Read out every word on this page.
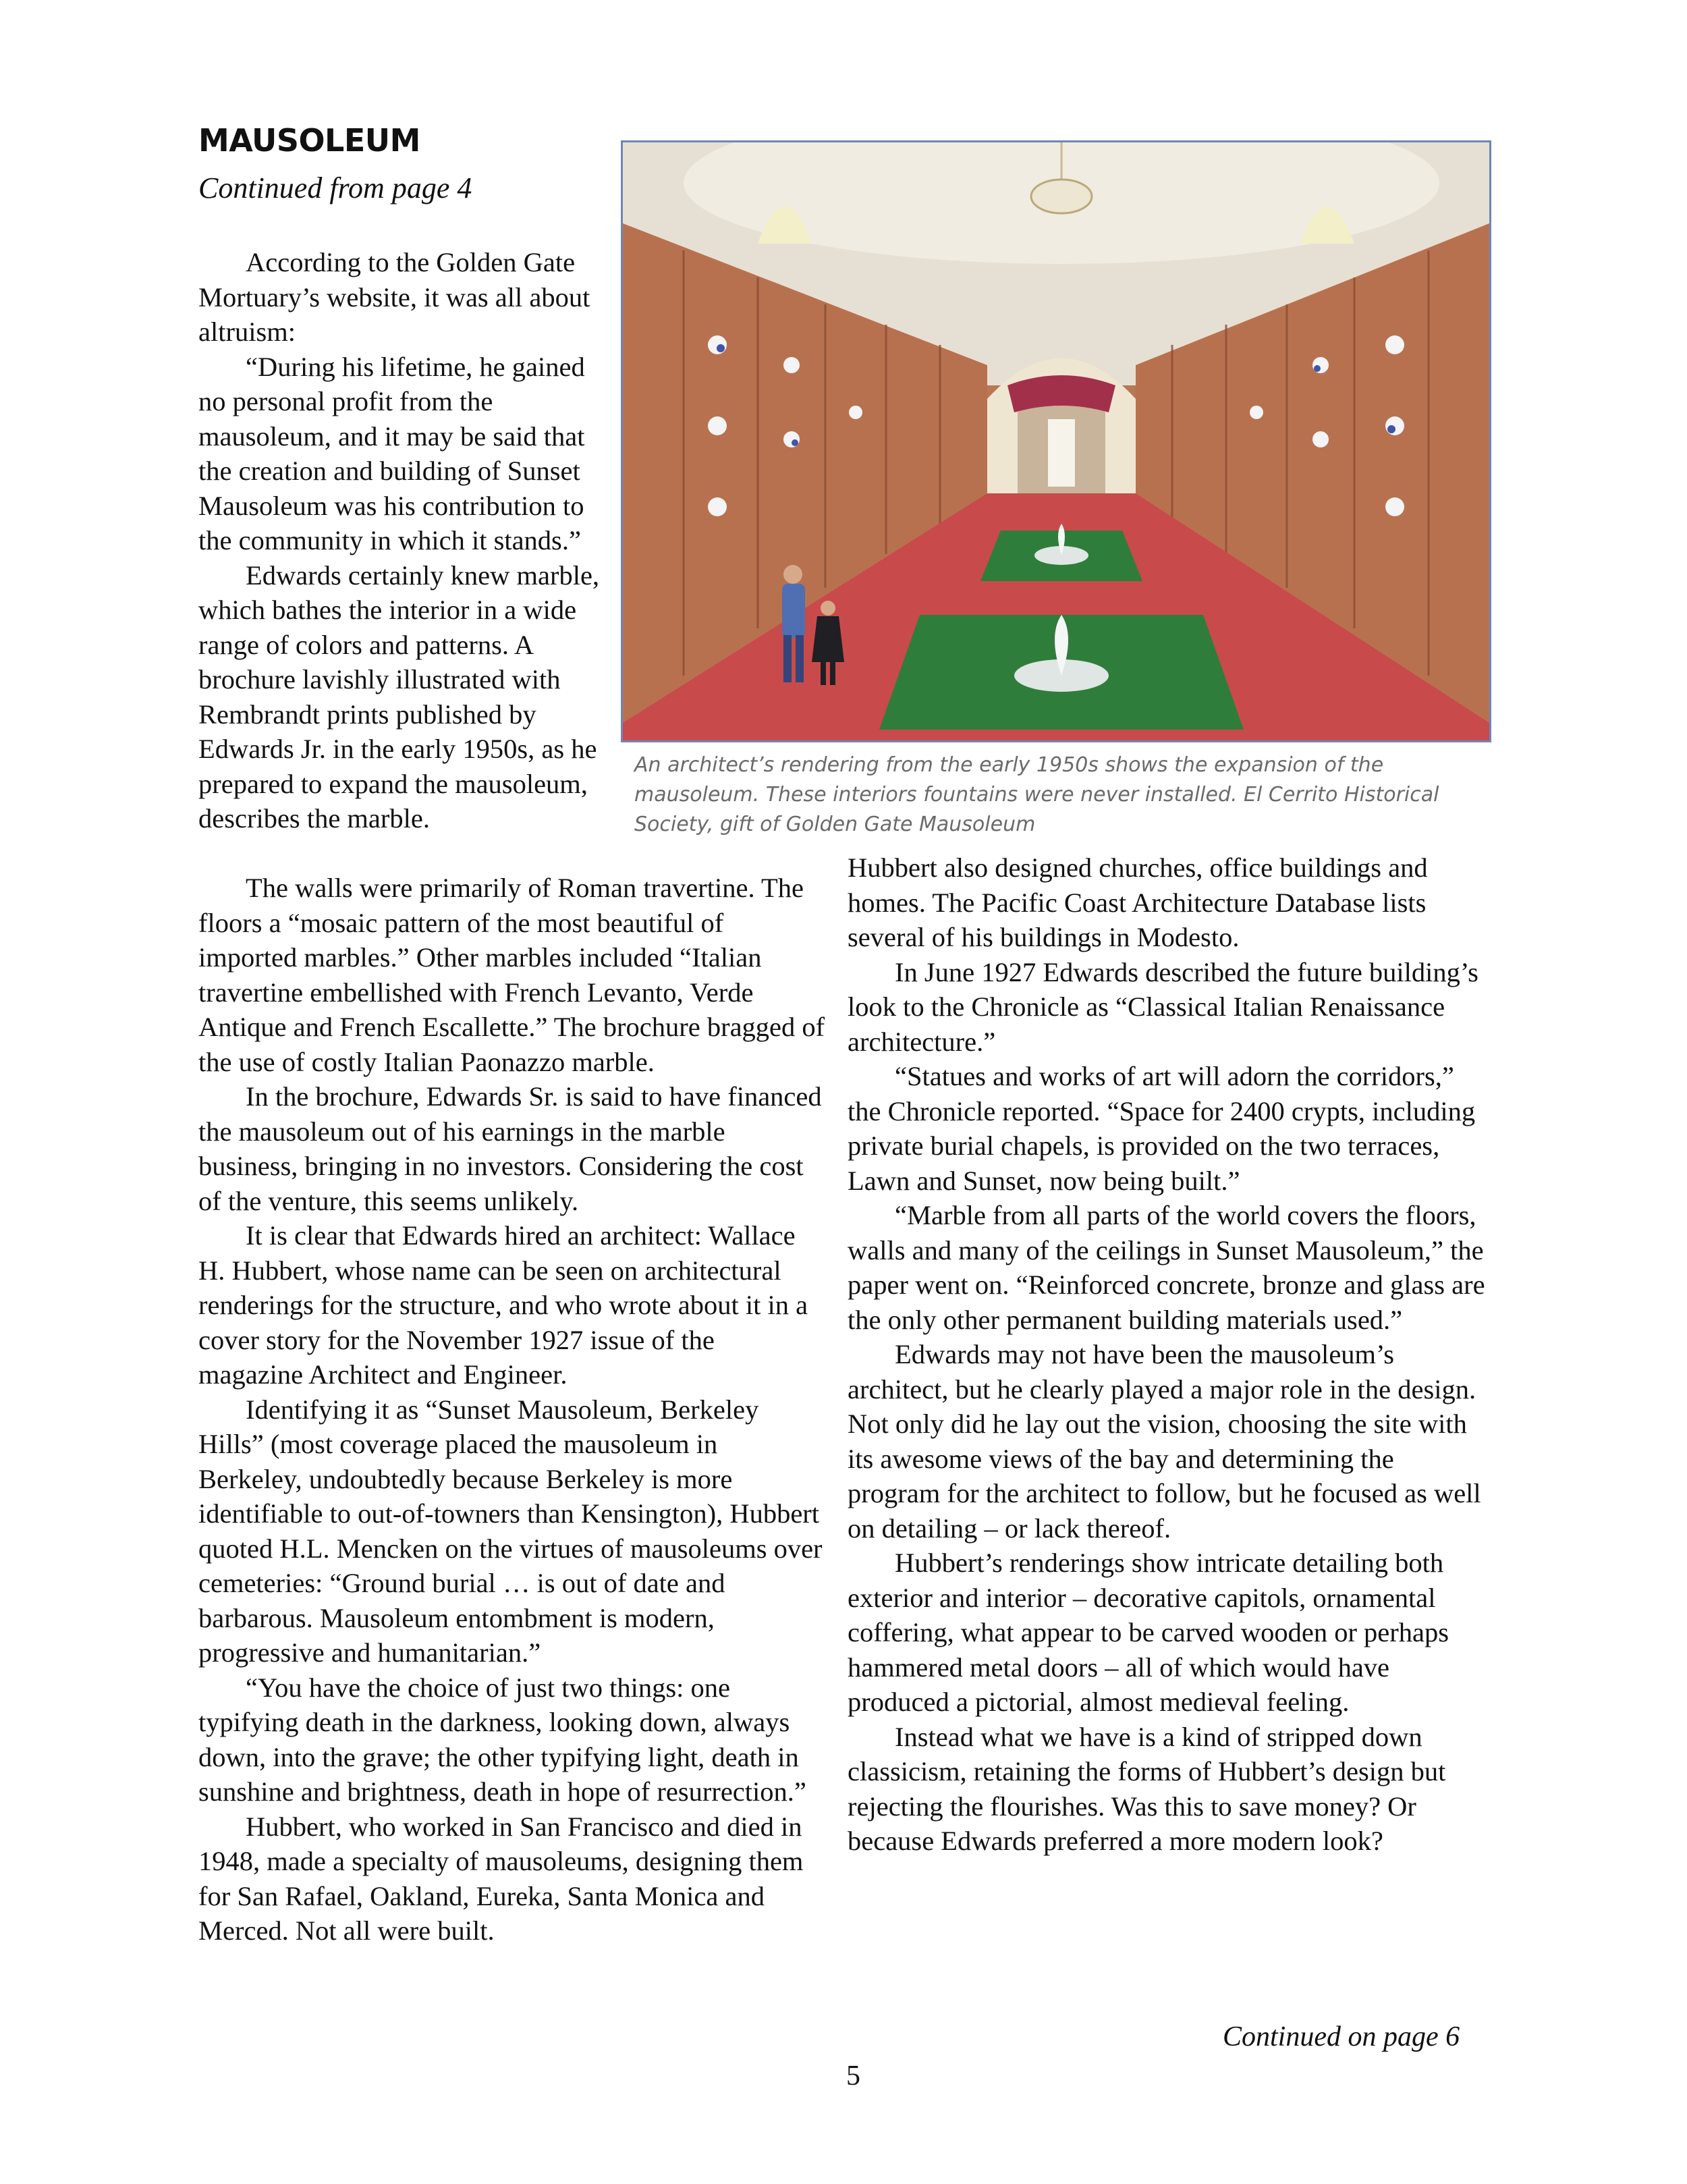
MAUSOLEUM

Continued from page 4

According to the Golden Gate Mortuary’s website, it was all about altruism:

“During his lifetime, he gained no personal profit from the mausoleum, and it may be said that the creation and building of Sunset Mausoleum was his contribution to the community in which it stands.”

Edwards certainly knew marble, which bathes the interior in a wide range of colors and patterns. A brochure lavishly illustrated with Rembrandt prints published by Edwards Jr. in the early 1950s, as he prepared to expand the mausoleum, describes the marble.

An architect’s rendering from the early 1950s shows the expansion of the mausoleum. These interiors fountains were never installed. El Cerrito Historical Society, gift of Golden Gate Mausoleum

The walls were primarily of Roman travertine. The floors a “mosaic pattern of the most beautiful of imported marbles.” Other marbles included “Italian travertine embellished with French Levanto, Verde Antique and French Escallette.” The brochure bragged of the use of costly Italian Paonazzo marble.

In the brochure, Edwards Sr. is said to have financed the mausoleum out of his earnings in the marble business, bringing in no investors. Considering the cost of the venture, this seems unlikely.

It is clear that Edwards hired an architect: Wallace H. Hubbert, whose name can be seen on architectural renderings for the structure, and who wrote about it in a cover story for the November 1927 issue of the magazine Architect and Engineer.

Identifying it as “Sunset Mausoleum, Berkeley Hills” (most coverage placed the mausoleum in Berkeley, undoubtedly because Berkeley is more identifiable to out-of-towners than Kensington), Hubbert quoted H.L. Mencken on the virtues of mausoleums over cemeteries: “Ground burial … is out of date and barbarous. Mausoleum entombment is modern, progressive and humanitarian.”

“You have the choice of just two things: one typifying death in the darkness, looking down, always down, into the grave; the other typifying light, death in sunshine and brightness, death in hope of resurrection.”

Hubbert, who worked in San Francisco and died in 1948, made a specialty of mausoleums, designing them for San Rafael, Oakland, Eureka, Santa Monica and Merced. Not all were built.

Hubbert also designed churches, office buildings and homes. The Pacific Coast Architecture Database lists several of his buildings in Modesto.

In June 1927 Edwards described the future building’s look to the Chronicle as “Classical Italian Renaissance architecture.”

“Statues and works of art will adorn the corridors,” the Chronicle reported. “Space for 2400 crypts, including private burial chapels, is provided on the two terraces, Lawn and Sunset, now being built.”

“Marble from all parts of the world covers the floors, walls and many of the ceilings in Sunset Mausoleum,” the paper went on. “Reinforced concrete, bronze and glass are the only other permanent building materials used.”

Edwards may not have been the mausoleum’s architect, but he clearly played a major role in the design. Not only did he lay out the vision, choosing the site with its awesome views of the bay and determining the program for the architect to follow, but he focused as well on detailing – or lack thereof.

Hubbert’s renderings show intricate detailing both exterior and interior – decorative capitols, ornamental coffering, what appear to be carved wooden or perhaps hammered metal doors – all of which would have produced a pictorial, almost medieval feeling.

Instead what we have is a kind of stripped down classicism, retaining the forms of Hubbert’s design but rejecting the flourishes. Was this to save money? Or because Edwards preferred a more modern look?

Continued on page 6

5
